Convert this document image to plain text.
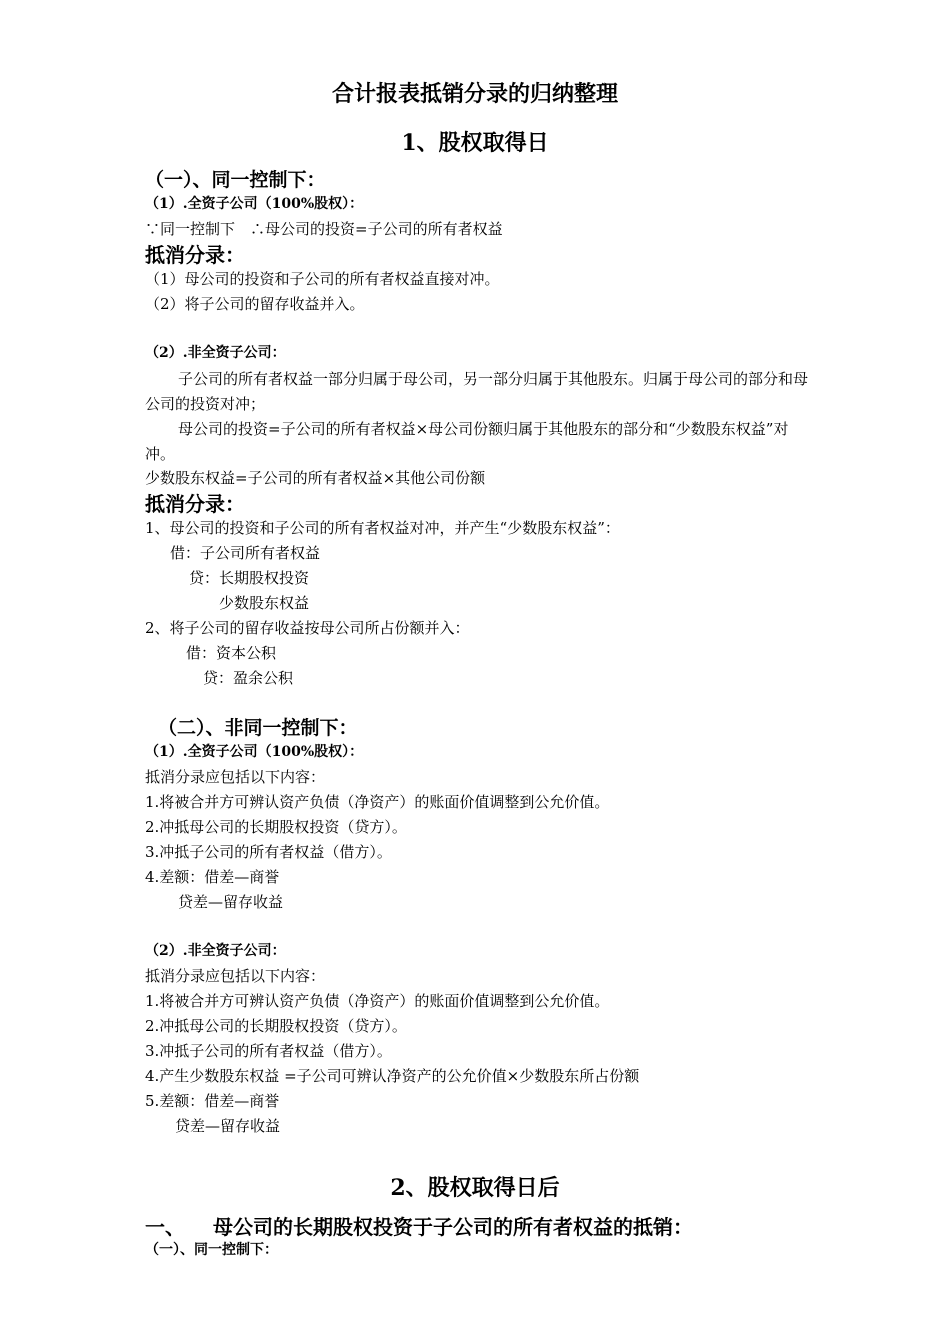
合计报表抵销分录的归纳整理
1、股权取得日
（一）、同一控制下：
（1）.全资子公司（100%股权）：
∵同一控制下　∴母公司的投资=子公司的所有者权益
抵消分录：
（1）母公司的投资和子公司的所有者权益直接对冲。
（2）将子公司的留存收益并入。
（2）.非全资子公司：
子公司的所有者权益一部分归属于母公司，另一部分归属于其他股东。归属于母公司的部分和母公司的投资对冲；
母公司的投资=子公司的所有者权益×母公司份额归属于其他股东的部分和“少数股东权益”对冲。
少数股东权益=子公司的所有者权益×其他公司份额
抵消分录：
1、母公司的投资和子公司的所有者权益对冲，并产生“少数股东权益”：
借：子公司所有者权益
贷：长期股权投资
少数股东权益
2、将子公司的留存收益按母公司所占份额并入：
借：资本公积
贷：盈余公积
（二）、非同一控制下：
（1）.全资子公司（100%股权）：
抵消分录应包括以下内容：
1.将被合并方可辨认资产负债（净资产）的账面价值调整到公允价值。
2.冲抵母公司的长期股权投资（贷方）。
3.冲抵子公司的所有者权益（借方）。
4.差额：借差—商誉
贷差—留存收益
（2）.非全资子公司：
抵消分录应包括以下内容：
1.将被合并方可辨认资产负债（净资产）的账面价值调整到公允价值。
2.冲抵母公司的长期股权投资（贷方）。
3.冲抵子公司的所有者权益（借方）。
4.产生少数股东权益 =子公司可辨认净资产的公允价值×少数股东所占份额
5.差额：借差—商誉
贷差—留存收益
2、股权取得日后
一、 母公司的长期股权投资于子公司的所有者权益的抵销：
（一）、同一控制下：
